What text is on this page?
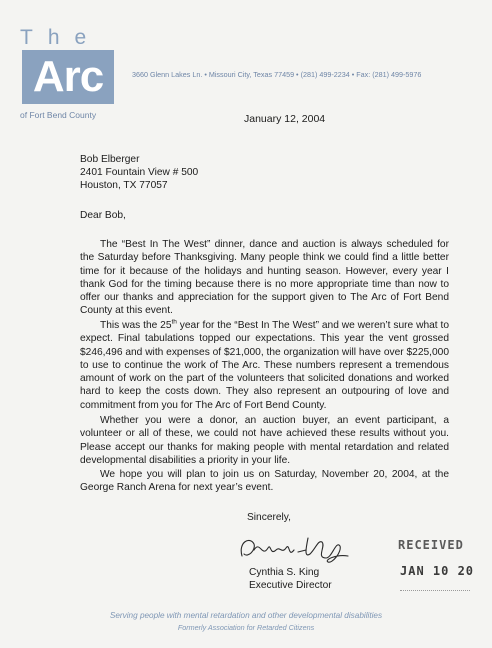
The
Arc
of Fort Bend County
3660 Glenn Lakes Ln. • Missouri City, Texas 77459 • (281) 499-2234 • Fax: (281) 499-5976
January 12, 2004
Bob Elberger
2401 Fountain View # 500
Houston, TX 77057
Dear Bob,

The “Best In The West” dinner, dance and auction is always scheduled for the Saturday before Thanksgiving. Many people think we could find a little better time for it because of the holidays and hunting season. However, every year I thank God for the timing because there is no more appropriate time than now to offer our thanks and appreciation for the support given to The Arc of Fort Bend County at this event.

This was the 25th year for the “Best In The West” and we weren’t sure what to expect. Final tabulations topped our expectations. This year the vent grossed $246,496 and with expenses of $21,000, the organization will have over $225,000 to use to continue the work of The Arc. These numbers represent a tremendous amount of work on the part of the volunteers that solicited donations and worked hard to keep the costs down. They also represent an outpouring of love and commitment from you for The Arc of Fort Bend County.

Whether you were a donor, an auction buyer, an event participant, a volunteer or all of these, we could not have achieved these results without you. Please accept our thanks for making people with mental retardation and related developmental disabilities a priority in your life.

We hope you will plan to join us on Saturday, November 20, 2004, at the George Ranch Arena for next year’s event.

Sincerely,
Cynthia S. King
Executive Director
RECEIVED
JAN 10 20
Serving people with mental retardation and other developmental disabilities
Formerly Association for Retarded Citizens
